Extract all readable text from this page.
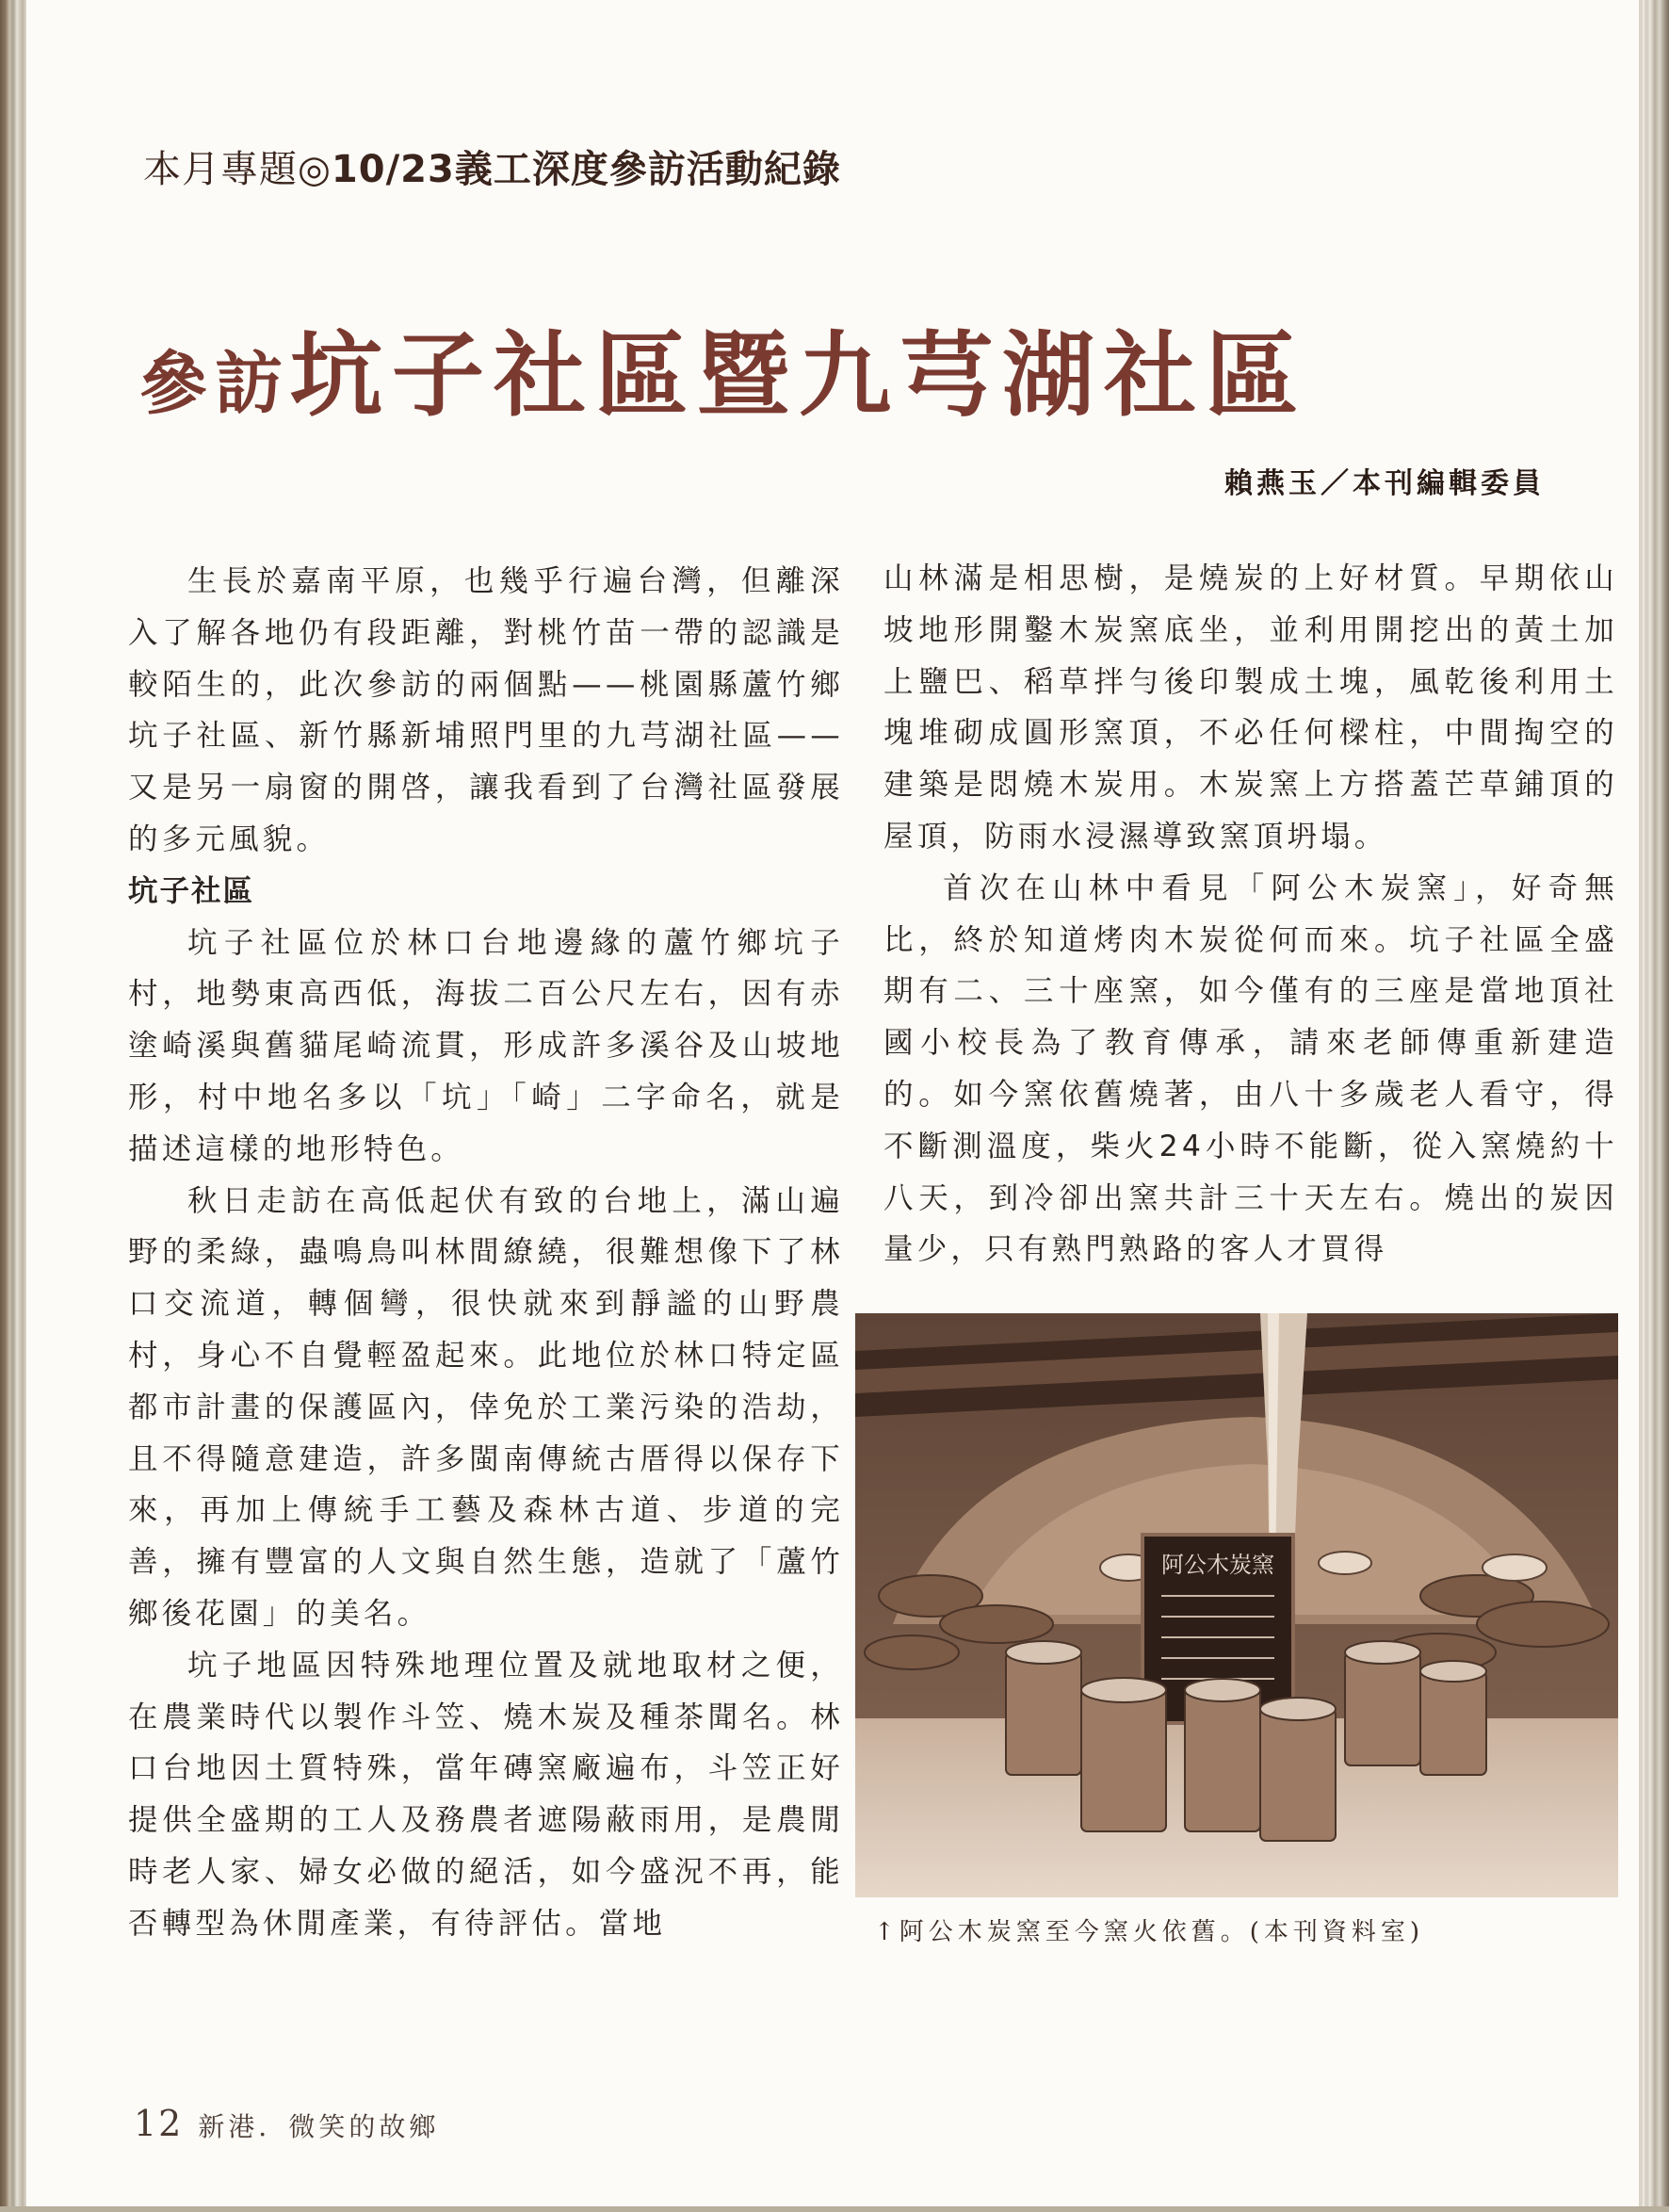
本月專題◎10/23義工深度參訪活動紀錄
參訪坑子社區暨九芎湖社區
賴燕玉／本刊編輯委員

生長於嘉南平原，也幾乎行遍台灣，但離深入了解各地仍有段距離，對桃竹苗一帶的認識是較陌生的，此次參訪的兩個點——桃園縣蘆竹鄉坑子社區、新竹縣新埔照門里的九芎湖社區——又是另一扇窗的開啓，讓我看到了台灣社區發展的多元風貌。

坑子社區

坑子社區位於林口台地邊緣的蘆竹鄉坑子村，地勢東高西低，海拔二百公尺左右，因有赤塗崎溪與舊貓尾崎流貫，形成許多溪谷及山坡地形，村中地名多以「坑」「崎」二字命名，就是描述這樣的地形特色。

秋日走訪在高低起伏有致的台地上，滿山遍野的柔綠，蟲鳴鳥叫林間繚繞，很難想像下了林口交流道，轉個彎，很快就來到靜謐的山野農村，身心不自覺輕盈起來。此地位於林口特定區都市計畫的保護區內，倖免於工業污染的浩劫，且不得隨意建造，許多閩南傳統古厝得以保存下來，再加上傳統手工藝及森林古道、步道的完善，擁有豐富的人文與自然生態，造就了「蘆竹鄉後花園」的美名。

坑子地區因特殊地理位置及就地取材之便，在農業時代以製作斗笠、燒木炭及種茶聞名。林口台地因土質特殊，當年磚窯廠遍布，斗笠正好提供全盛期的工人及務農者遮陽蔽雨用，是農閒時老人家、婦女必做的絕活，如今盛況不再，能否轉型為休閒產業，有待評估。當地

山林滿是相思樹，是燒炭的上好材質。早期依山坡地形開鑿木炭窯底坐，並利用開挖出的黃土加上鹽巴、稻草拌勻後印製成土塊，風乾後利用土塊堆砌成圓形窯頂，不必任何樑柱，中間掏空的建築是悶燒木炭用。木炭窯上方搭蓋芒草鋪頂的屋頂，防雨水浸濕導致窯頂坍塌。

首次在山林中看見「阿公木炭窯」，好奇無比，終於知道烤肉木炭從何而來。坑子社區全盛期有二、三十座窯，如今僅有的三座是當地頂社國小校長為了教育傳承，請來老師傳重新建造的。如今窯依舊燒著，由八十多歲老人看守，得不斷測溫度，柴火24小時不能斷，從入窯燒約十八天，到冷卻出窯共計三十天左右。燒出的炭因量少，只有熟門熟路的客人才買得

阿公木炭窯
↑阿公木炭窯至今窯火依舊。(本刊資料室)
12 新港．微笑的故鄉
